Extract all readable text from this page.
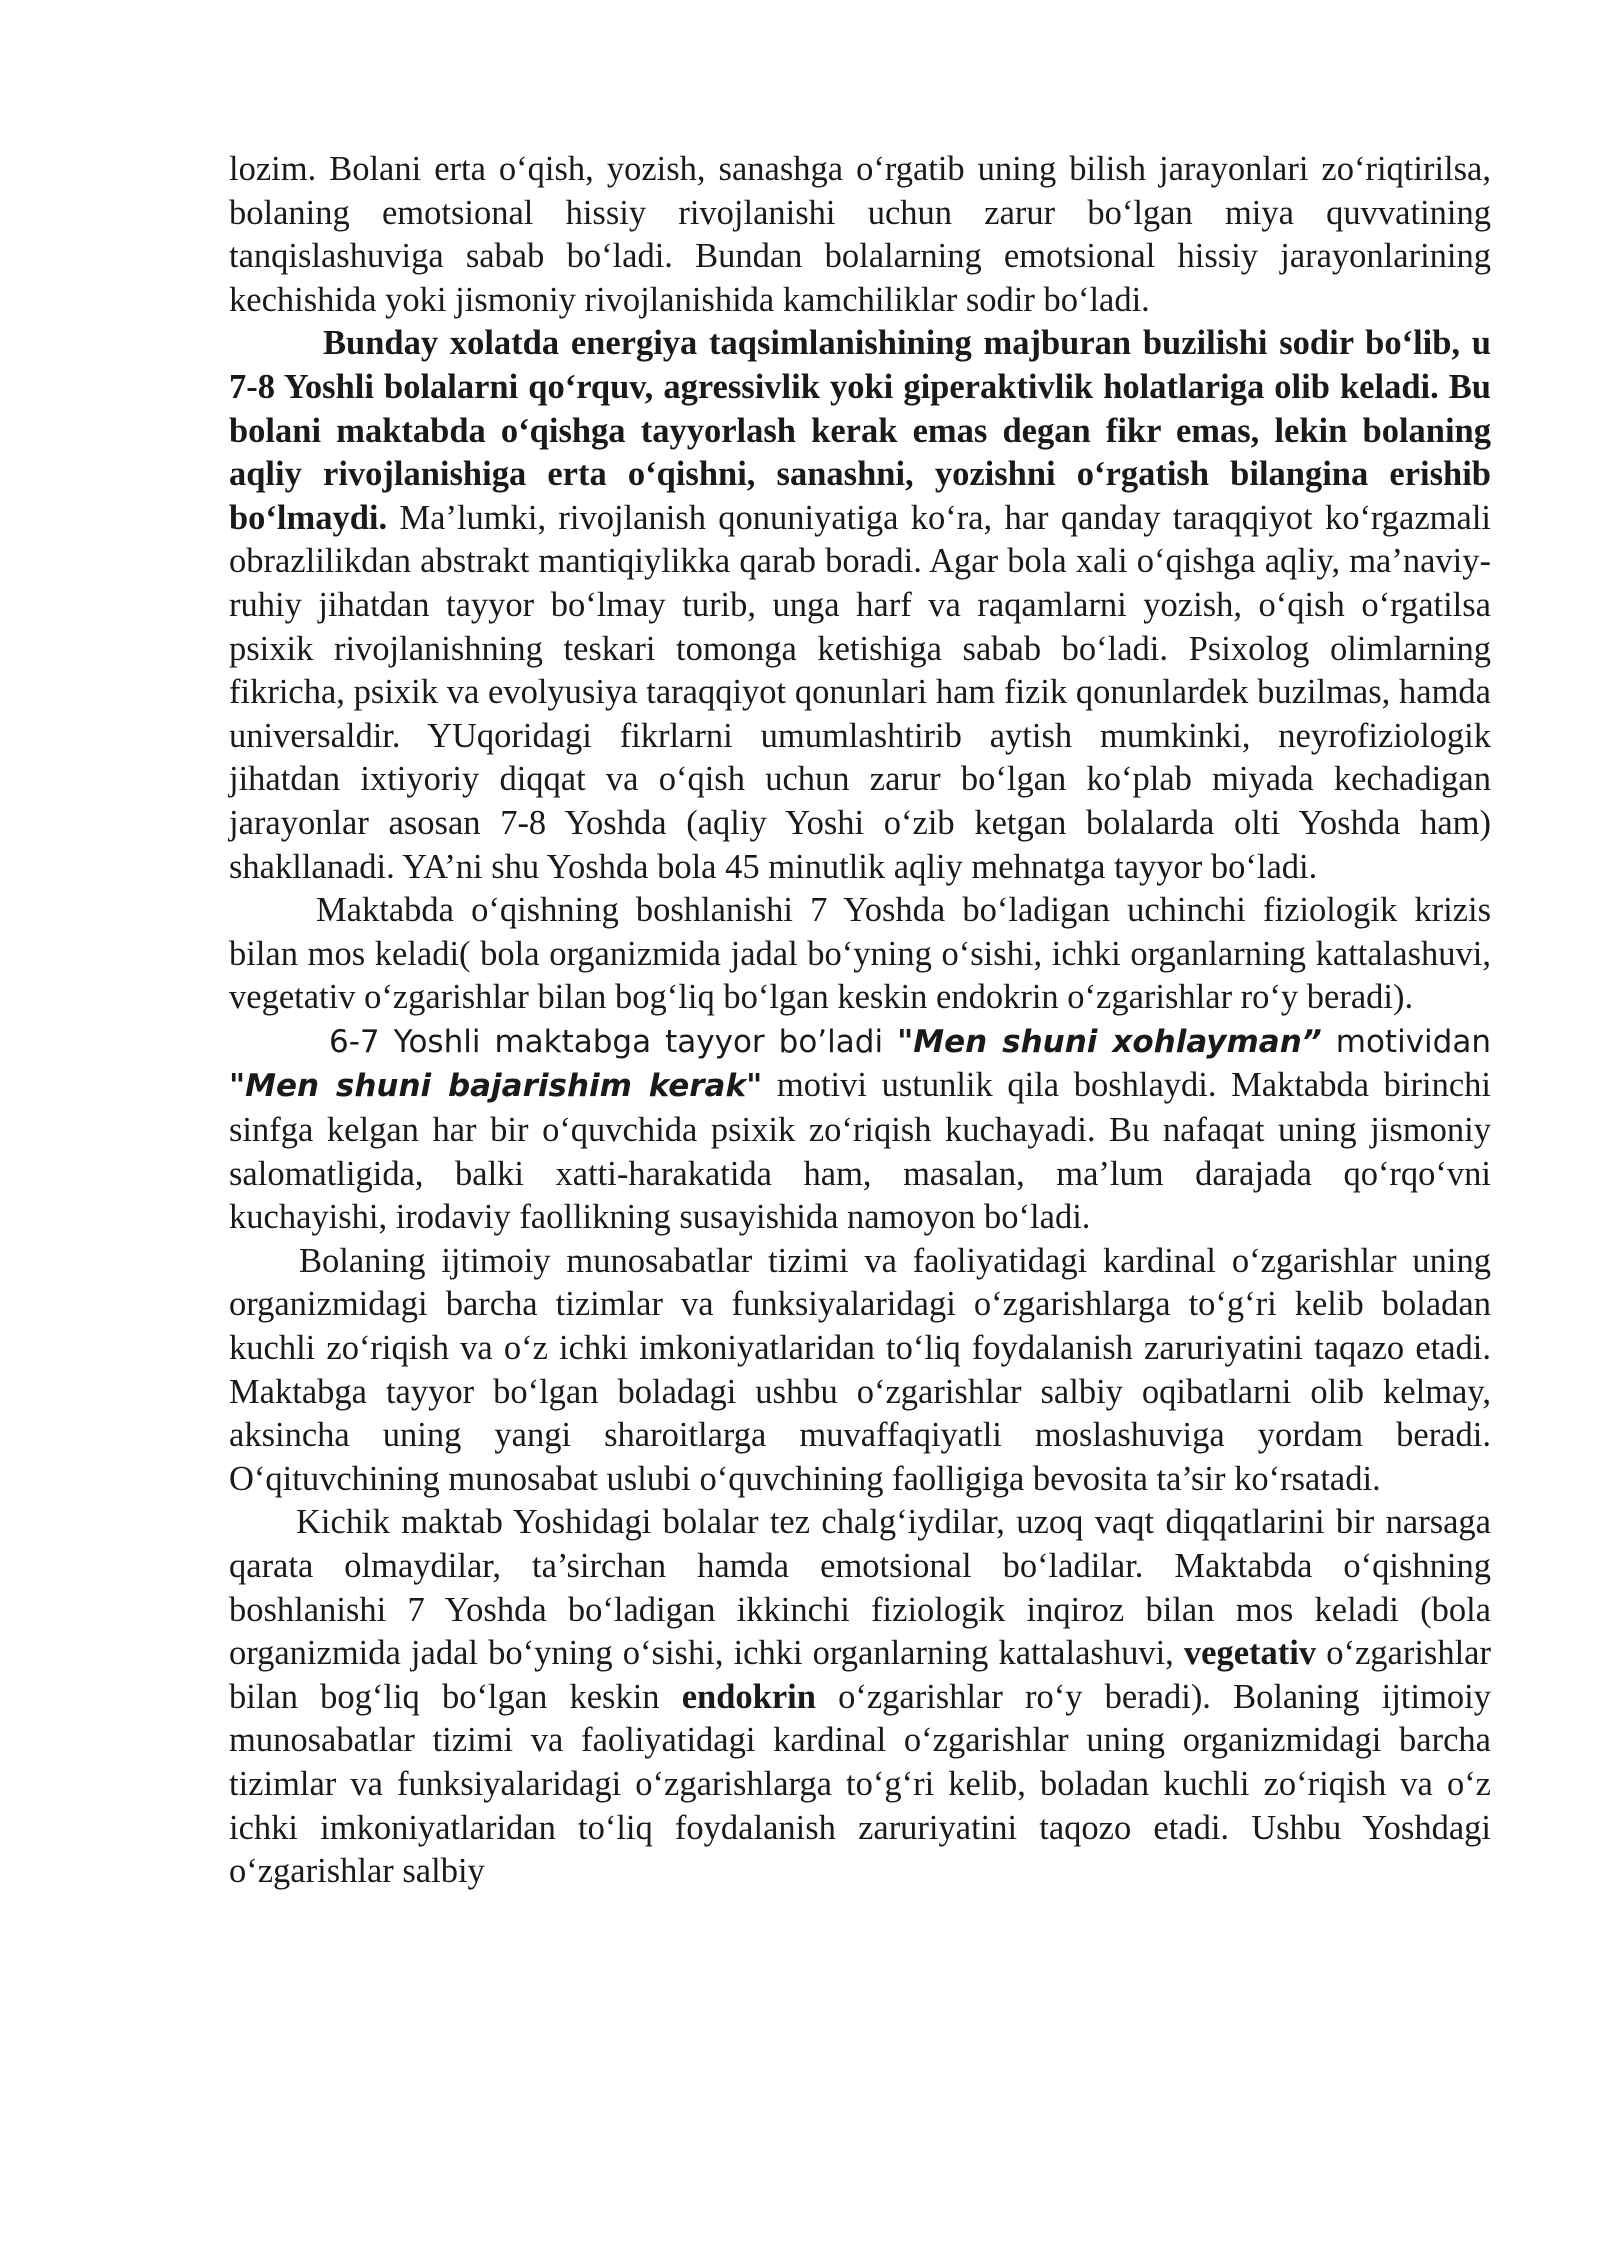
lozim. Bolani erta o‘qish, yozish, sanashga o‘rgatib uning bilish jarayonlari zo‘riqtirilsa, bolaning emotsional hissiy rivojlanishi uchun zarur bo‘lgan miya quvvatining tanqislashuviga sabab bo‘ladi. Bundan bolalarning emotsional hissiy jarayonlarining kechishida yoki jismoniy rivojlanishida kamchiliklar sodir bo‘ladi.

Bunday xolatda energiya taqsimlanishining majburan buzilishi sodir bo‘lib, u 7-8 Yoshli bolalarni qo‘rquv, agressivlik yoki giperaktivlik holatlariga olib keladi. Bu bolani maktabda o‘qishga tayyorlash kerak emas degan fikr emas, lekin bolaning aqliy rivojlanishiga erta o‘qishni, sanashni, yozishni o‘rgatish bilangina erishib bo‘lmaydi. Ma’lumki, rivojlanish qonuniyatiga ko‘ra, har qanday taraqqiyot ko‘rgazmali obrazlilikdan abstrakt mantiqiylikka qarab boradi. Agar bola xali o‘qishga aqliy, ma’naviy-ruhiy jihatdan tayyor bo‘lmay turib, unga harf va raqamlarni yozish, o‘qish o‘rgatilsa psixik rivojlanishning teskari tomonga ketishiga sabab bo‘ladi. Psixolog olimlarning fikricha, psixik va evolyusiya taraqqiyot qonunlari ham fizik qonunlardek buzilmas, hamda universaldir. YUqoridagi fikrlarni umumlashtirib aytish mumkinki, neyrofiziologik jihatdan ixtiyoriy diqqat va o‘qish uchun zarur bo‘lgan ko‘plab miyada kechadigan jarayonlar asosan 7-8 Yoshda (aqliy Yoshi o‘zib ketgan bolalarda olti Yoshda ham) shakllanadi. YA’ni shu Yoshda bola 45 minutlik aqliy mehnatga tayyor bo‘ladi.

Maktabda o‘qishning boshlanishi 7 Yoshda bo‘ladigan uchinchi fiziologik krizis bilan mos keladi( bola organizmida jadal bo‘yning o‘sishi, ichki organlarning kattalashuvi, vegetativ o‘zgarishlar bilan bog‘liq bo‘lgan keskin endokrin o‘zgarishlar ro‘y beradi).

6-7 Yoshli maktabga tayyor bo’ladi "Men shuni xohlayman” motividan "Men shuni bajarishim kerak" motivi ustunlik qila boshlaydi. Maktabda birinchi sinfga kelgan har bir o‘quvchida psixik zo‘riqish kuchayadi. Bu nafaqat uning jismoniy salomatligida, balki xatti-harakatida ham, masalan, ma’lum darajada qo‘rqo‘vni kuchayishi, irodaviy faollikning susayishida namoyon bo‘ladi.

Bolaning ijtimoiy munosabatlar tizimi va faoliyatidagi kardinal o‘zgarishlar uning organizmidagi barcha tizimlar va funksiyalaridagi o‘zgarishlarga to‘g‘ri kelib boladan kuchli zo‘riqish va o‘z ichki imkoniyatlaridan to‘liq foydalanish zaruriyatini taqazo etadi. Maktabga tayyor bo‘lgan boladagi ushbu o‘zgarishlar salbiy oqibatlarni olib kelmay, aksincha uning yangi sharoitlarga muvaffaqiyatli moslashuviga yordam beradi. O‘qituvchining munosabat uslubi o‘quvchining faolligiga bevosita ta’sir ko‘rsatadi.

Kichik maktab Yoshidagi bolalar tez chalg‘iydilar, uzoq vaqt diqqatlarini bir narsaga qarata olmaydilar, ta’sirchan hamda emotsional bo‘ladilar. Maktabda o‘qishning boshlanishi 7 Yoshda bo‘ladigan ikkinchi fiziologik inqiroz bilan mos keladi (bola organizmida jadal bo‘yning o‘sishi, ichki organlarning kattalashuvi, vegetativ o‘zgarishlar bilan bog‘liq bo‘lgan keskin endokrin o‘zgarishlar ro‘y beradi). Bolaning ijtimoiy munosabatlar tizimi va faoliyatidagi kardinal o‘zgarishlar uning organizmidagi barcha tizimlar va funksiyalaridagi o‘zgarishlarga to‘g‘ri kelib, boladan kuchli zo‘riqish va o‘z ichki imkoniyatlaridan to‘liq foydalanish zaruriyatini taqozo etadi. Ushbu Yoshdagi o‘zgarishlar salbiy
